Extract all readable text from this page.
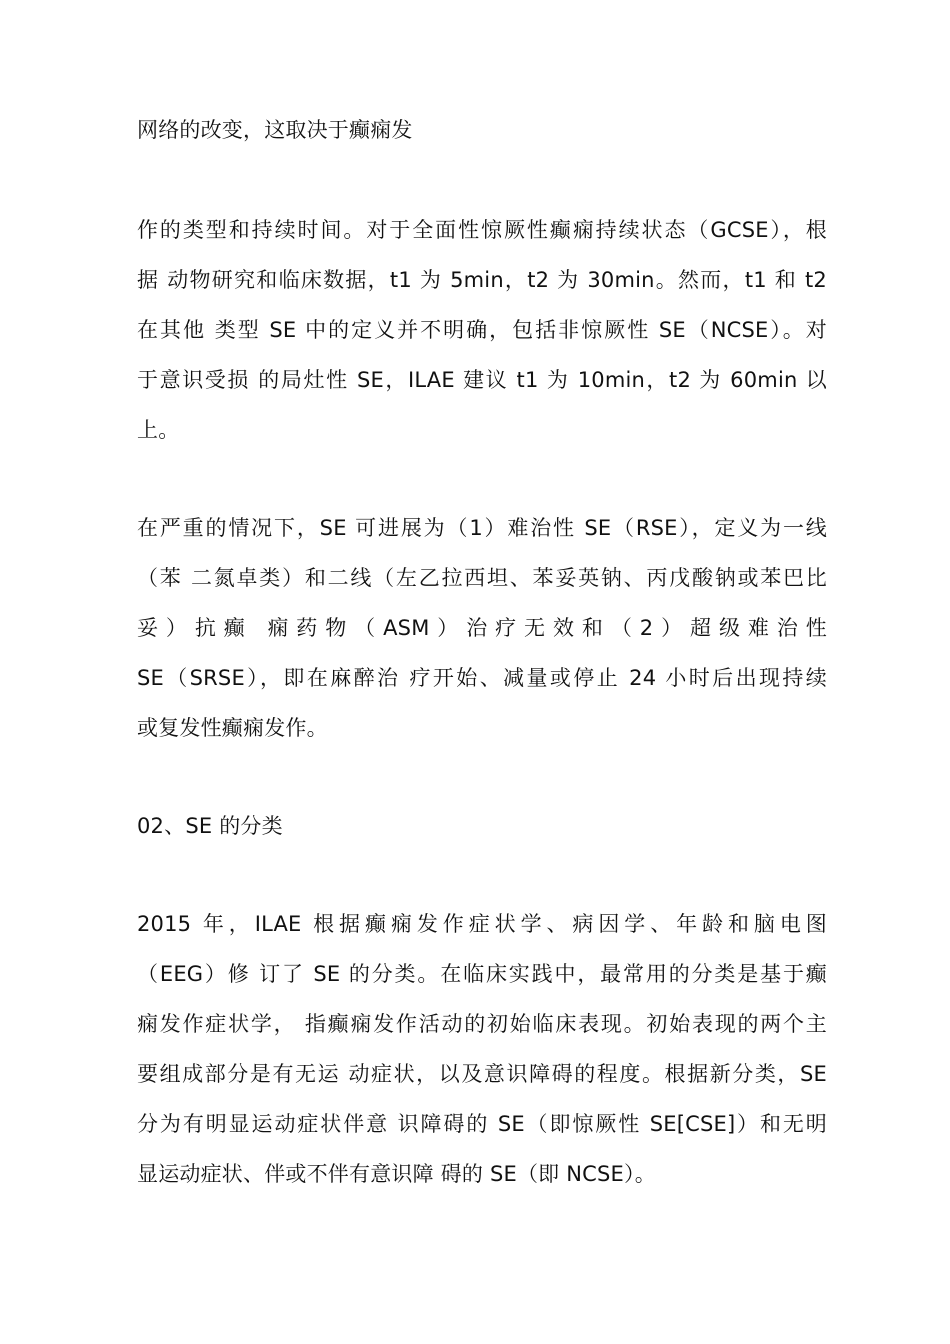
网络的改变，这取决于癫痫发
作的类型和持续时间。对于全面性惊厥性癫痫持续状态（GCSE），根
据 动物研究和临床数据，t1 为 5min，t2 为 30min。然而，t1 和 t2
在其他 类型 SE 中的定义并不明确，包括非惊厥性 SE（NCSE）。对
于意识受损 的局灶性 SE，ILAE 建议 t1 为 10min，t2 为 60min 以
上。
在严重的情况下，SE 可进展为（1）难治性 SE（RSE），定义为一线
（苯 二氮卓类）和二线（左乙拉西坦、苯妥英钠、丙戊酸钠或苯巴比
妥）抗癫 痫药物（ASM）治疗无效和（2）超级难治性
SE（SRSE），即在麻醉治 疗开始、减量或停止 24 小时后出现持续
或复发性癫痫发作。
02、SE 的分类
2015 年，ILAE 根据癫痫发作症状学、病因学、年龄和脑电图
（EEG）修 订了 SE 的分类。在临床实践中，最常用的分类是基于癫
痫发作症状学， 指癫痫发作活动的初始临床表现。初始表现的两个主
要组成部分是有无运 动症状，以及意识障碍的程度。根据新分类，SE
分为有明显运动症状伴意 识障碍的 SE（即惊厥性 SE[CSE]）和无明
显运动症状、伴或不伴有意识障 碍的 SE（即 NCSE）。
